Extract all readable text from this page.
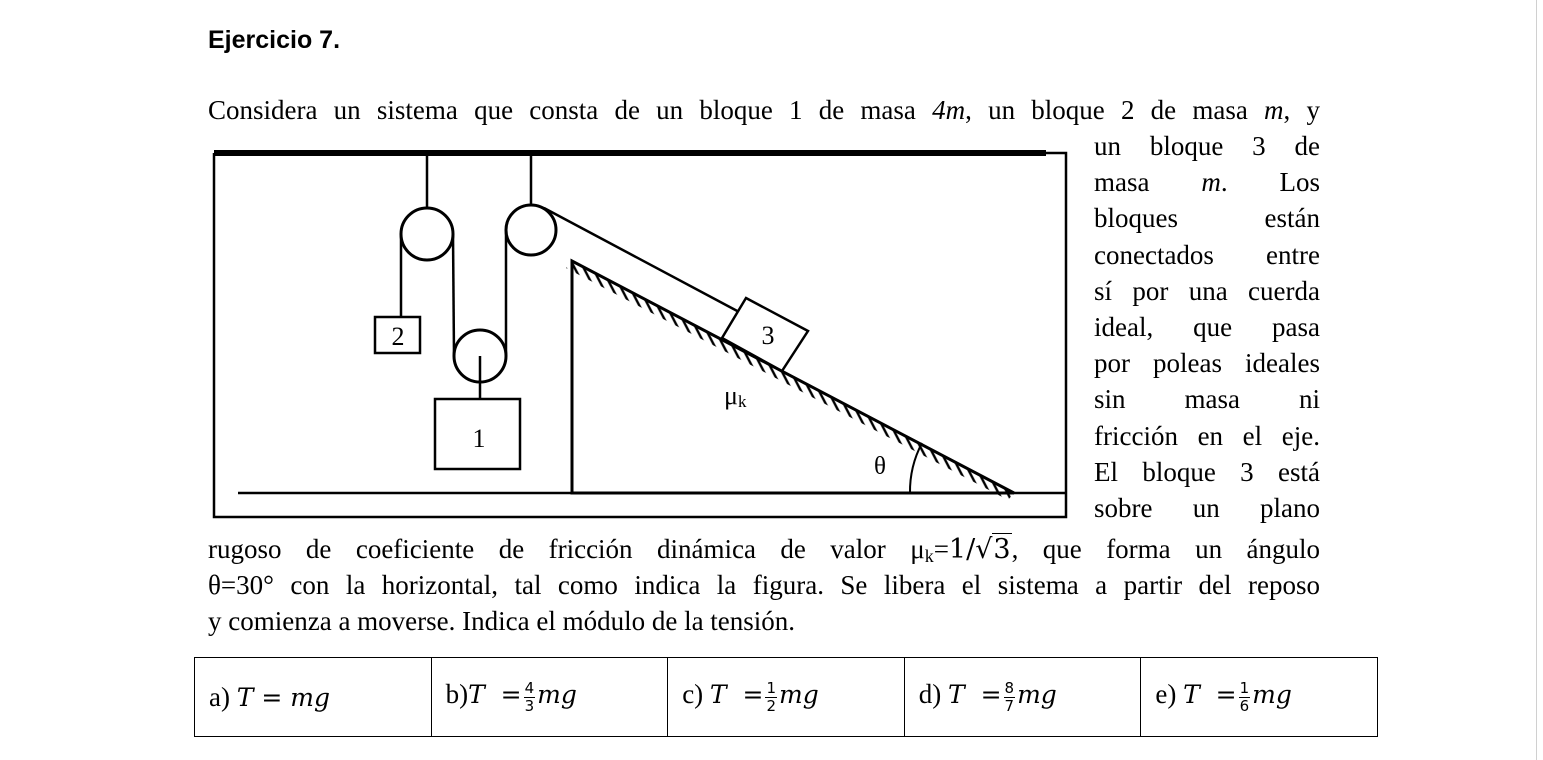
Ejercicio 7.
Considera un sistema que consta de un bloque 1 de masa 4m, un bloque 2 de masa m, y
un bloque 3 de
masa m. Los
bloques están
conectados entre
sí por una cuerda
ideal, que pasa
por poleas ideales
sin masa ni
fricción en el eje.
El bloque 3 está
sobre un plano
2
1
3
μk
θ
rugoso de coeficiente de fricción dinámica de valor $\mu_k=1/√3$, que forma un ángulo
θ=30° con la horizontal, tal como indica la figura. Se libera el sistema a partir del reposo
y comienza a moverse. Indica el módulo de la tensión.
a) T = mg	$b)T = \frac{4}{3}$ mg	c) $T = \frac{1}{2}$ mg	d) $T = \frac{8}{7}$ mg	e) $T = \frac{1}{6}$ mg
